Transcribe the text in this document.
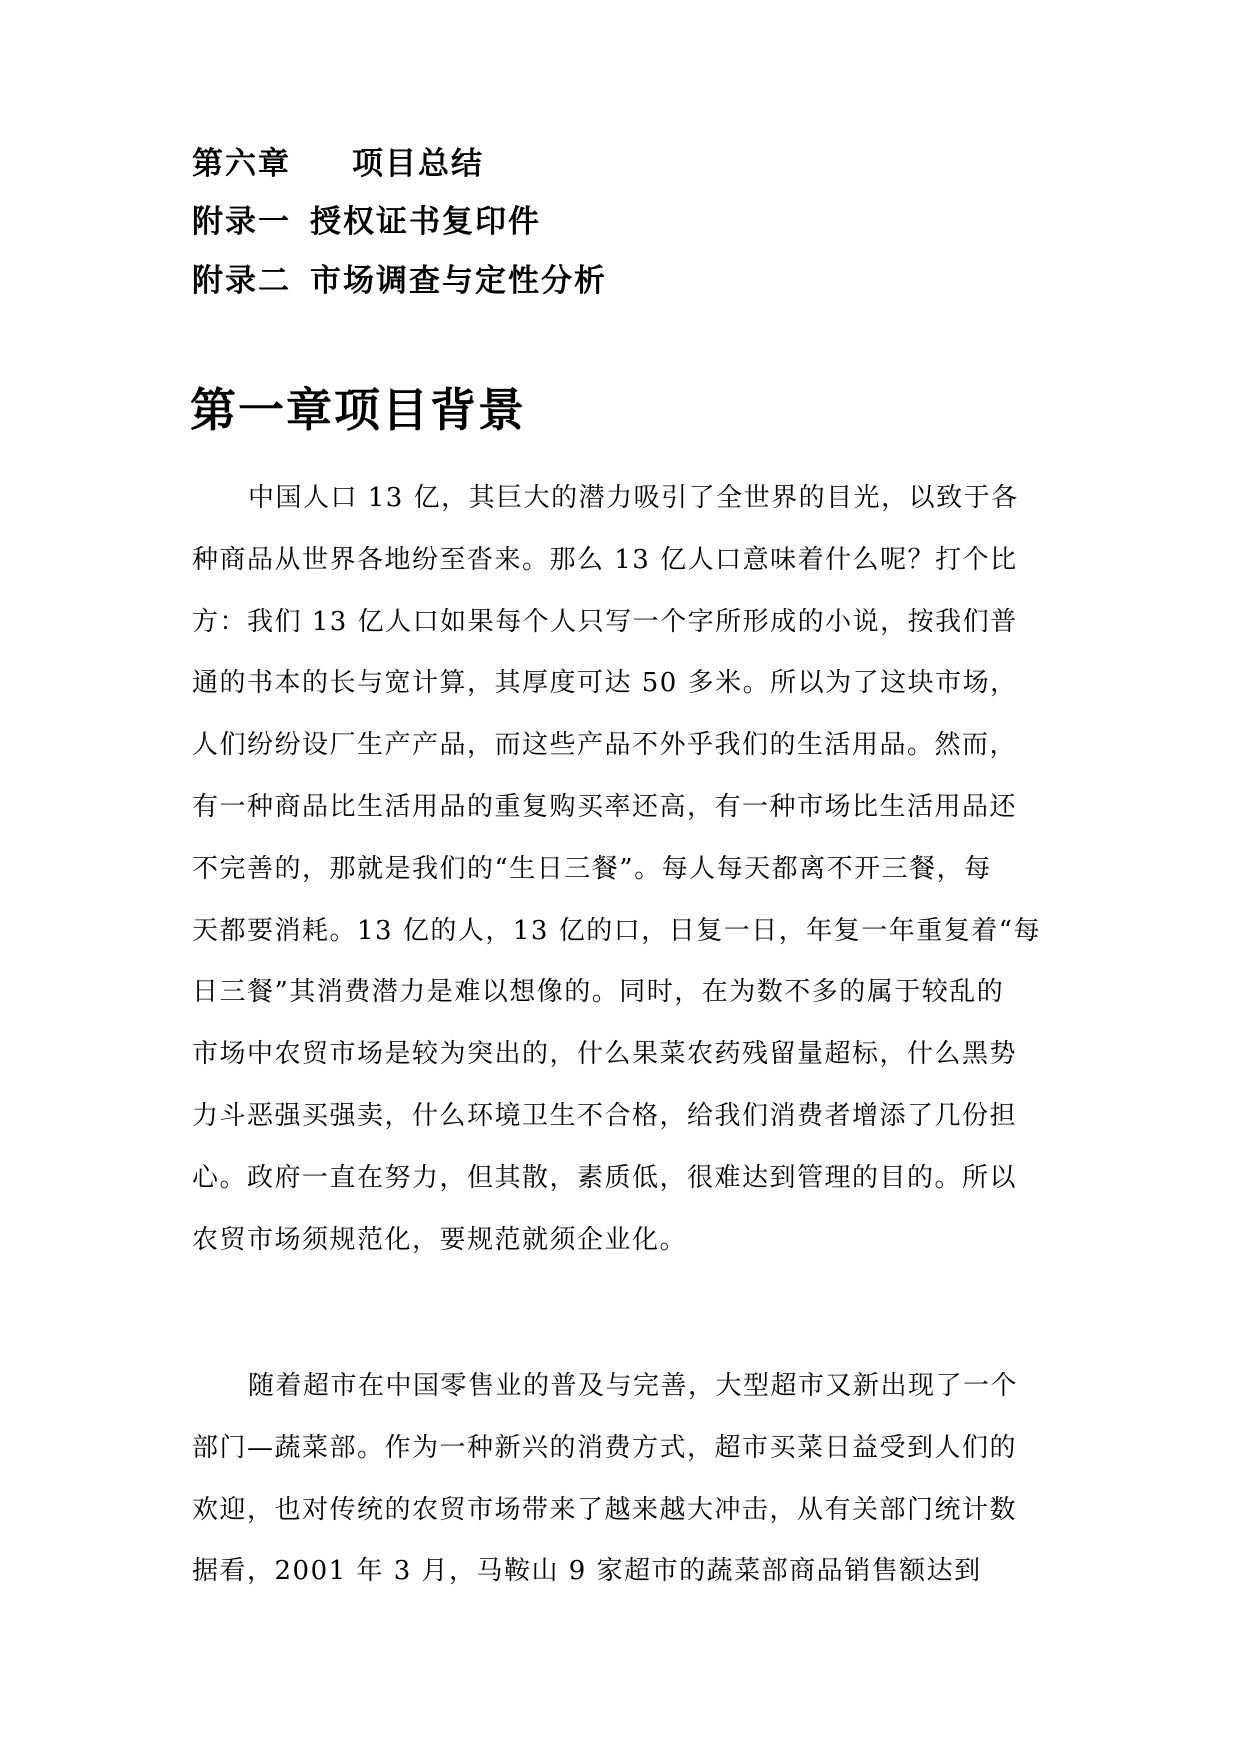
第六章 项目总结
附录一 授权证书复印件
附录二 市场调查与定性分析
第一章项目背景
中国人口 13 亿，其巨大的潜力吸引了全世界的目光，以致于各
种商品从世界各地纷至沓来。那么 13 亿人口意味着什么呢？打个比
方：我们 13 亿人口如果每个人只写一个字所形成的小说，按我们普
通的书本的长与宽计算，其厚度可达 50 多米。所以为了这块市场，
人们纷纷设厂生产产品，而这些产品不外乎我们的生活用品。然而，
有一种商品比生活用品的重复购买率还高，有一种市场比生活用品还
不完善的，那就是我们的“生日三餐”。每人每天都离不开三餐，每
天都要消耗。13 亿的人，13 亿的口，日复一日，年复一年重复着“每
日三餐”其消费潜力是难以想像的。同时，在为数不多的属于较乱的
市场中农贸市场是较为突出的，什么果菜农药残留量超标，什么黑势
力斗恶强买强卖，什么环境卫生不合格，给我们消费者增添了几份担
心。政府一直在努力，但其散，素质低，很难达到管理的目的。所以
农贸市场须规范化，要规范就须企业化。
随着超市在中国零售业的普及与完善，大型超市又新出现了一个
部门—蔬菜部。作为一种新兴的消费方式，超市买菜日益受到人们的
欢迎，也对传统的农贸市场带来了越来越大冲击，从有关部门统计数
据看，2001 年 3 月，马鞍山 9 家超市的蔬菜部商品销售额达到
